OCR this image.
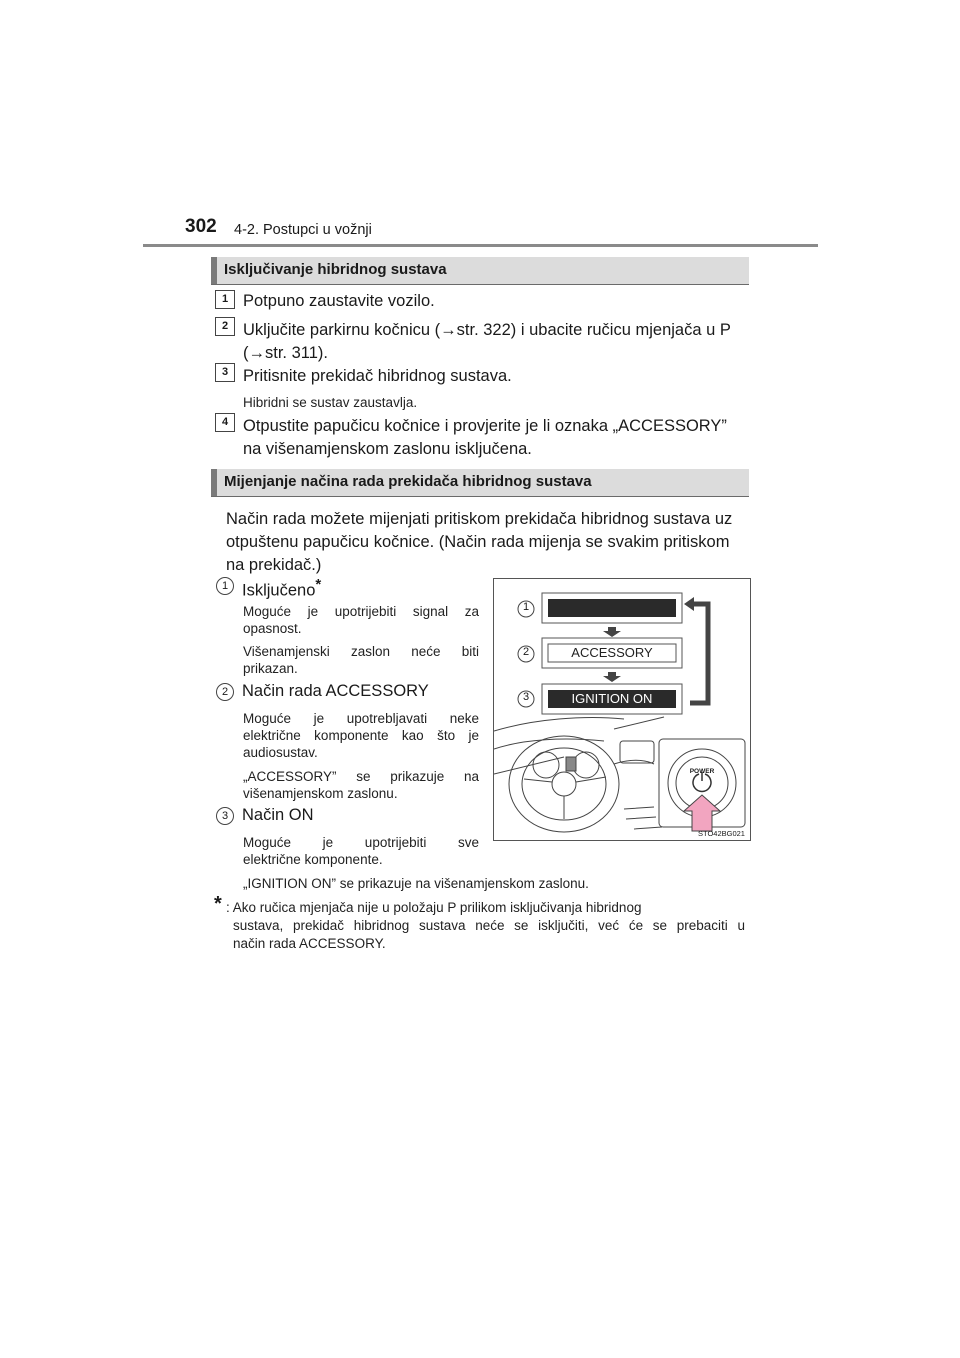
302 4-2. Postupci u vožnji
Isključivanje hibridnog sustava
1 Potpuno zaustavite vozilo.
2 Uključite parkirnu kočnicu (→str. 322) i ubacite ručicu mjenjača u P
(→str. 311).
3 Pritisnite prekidač hibridnog sustava.
Hibridni se sustav zaustavlja.
4 Otpustite papučicu kočnice i provjerite je li oznaka „ACCESSORY”
na višenamjenskom zaslonu isključena.
Mijenjanje načina rada prekidača hibridnog sustava
Način rada možete mijenjati pritiskom prekidača hibridnog sustava uz
otpuštenu papučicu kočnice. (Način rada mijenja se svakim pritiskom
na prekidač.)
1 Isključeno*
Moguće je upotrijebiti signal za
opasnost.
Višenamjenski zaslon neće biti
prikazan.
2 Način rada ACCESSORY
Moguće je upotrebljavati neke
električne komponente kao što je
audiosustav.
„ACCESSORY” se prikazuje na
višenamjenskom zaslonu.
3 Način ON
Moguće je upotrijebiti sve
električne komponente.
„IGNITION ON” se prikazuje na višenamjenskom zaslonu.
* : Ako ručica mjenjača nije u položaju P prilikom isključivanja hibridnog
sustava, prekidač hibridnog sustava neće se isključiti, već će se prebaciti u
način rada ACCESSORY.
1
2
3
ACCESSORY
IGNITION ON
POWER
STO42BG021
